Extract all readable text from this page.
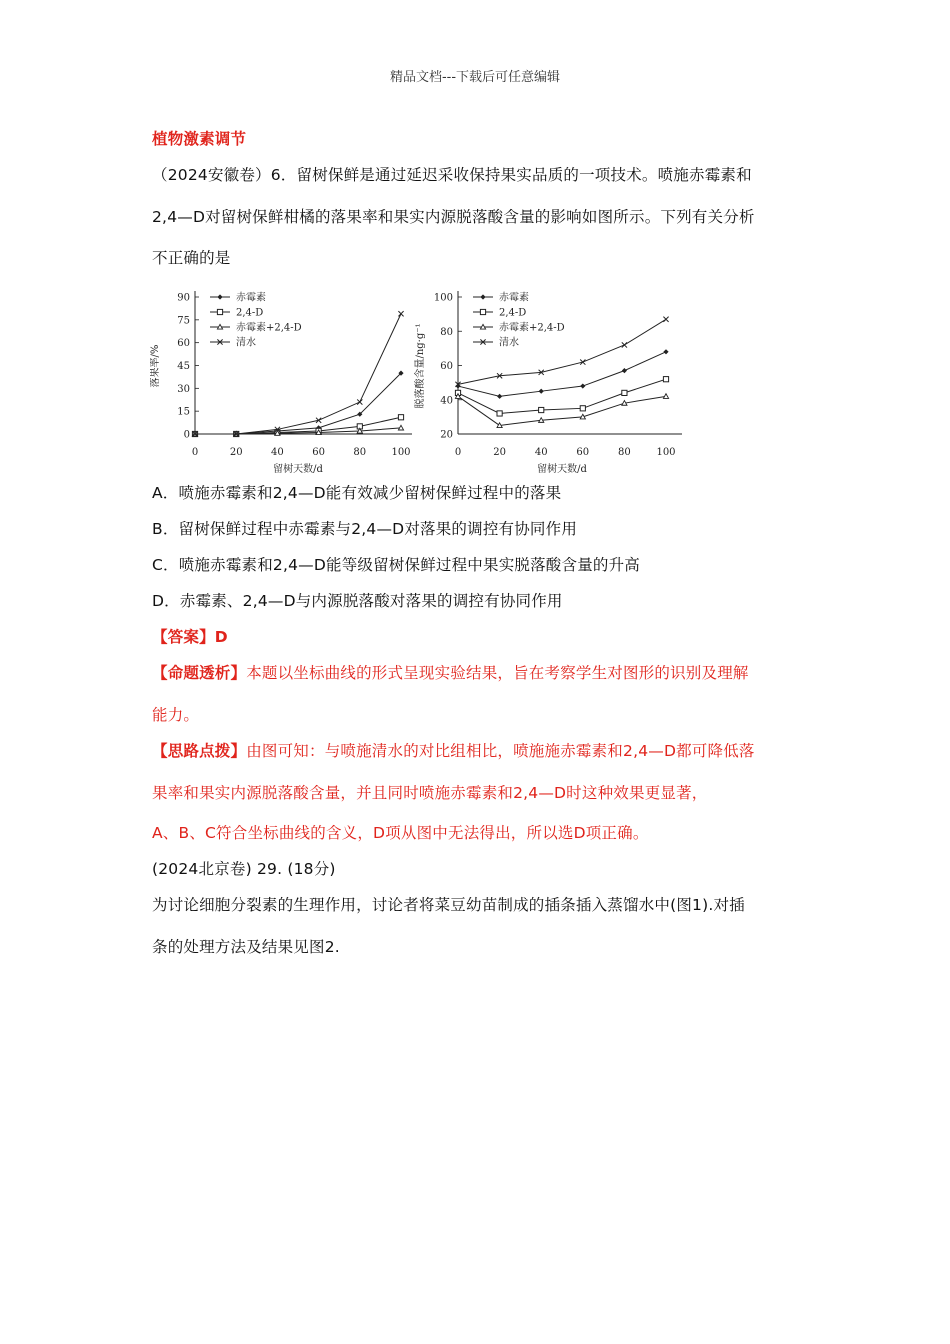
精品文档---下载后可任意编辑
植物激素调节
（2024安徽卷）6．留树保鲜是通过延迟采收保持果实品质的一项技术。喷施赤霉素和
2,4—D对留树保鲜柑橘的落果率和果实内源脱落酸含量的影响如图所示。下列有关分析
不正确的是
0
15
30
45
60
75
90
0	20	40	60	80	100
留树天数/d
落果率/%
赤霉素
2,4-D
赤霉素+2,4-D
清水
20
40
60
80
100
0	20	40	60	80	100
留树天数/d
脱落酸含量/ng·g⁻¹
赤霉素
2,4-D
赤霉素+2,4-D
清水
A．喷施赤霉素和2,4—D能有效减少留树保鲜过程中的落果
B．留树保鲜过程中赤霉素与2,4—D对落果的调控有协同作用
C．喷施赤霉素和2,4—D能等级留树保鲜过程中果实脱落酸含量的升高
D．赤霉素、2,4—D与内源脱落酸对落果的调控有协同作用
【答案】D
【命题透析】本题以坐标曲线的形式呈现实验结果，旨在考察学生对图形的识别及理解
能力。
【思路点拨】由图可知：与喷施清水的对比组相比，喷施施赤霉素和2,4—D都可降低落
果率和果实内源脱落酸含量，并且同时喷施赤霉素和2,4—D时这种效果更显著，
A、B、C符合坐标曲线的含义，D项从图中无法得出，所以选D项正确。
(2024北京卷) 29. (18分)
为讨论细胞分裂素的生理作用，讨论者将菜豆幼苗制成的插条插入蒸馏水中(图1).对插
条的处理方法及结果见图2.
